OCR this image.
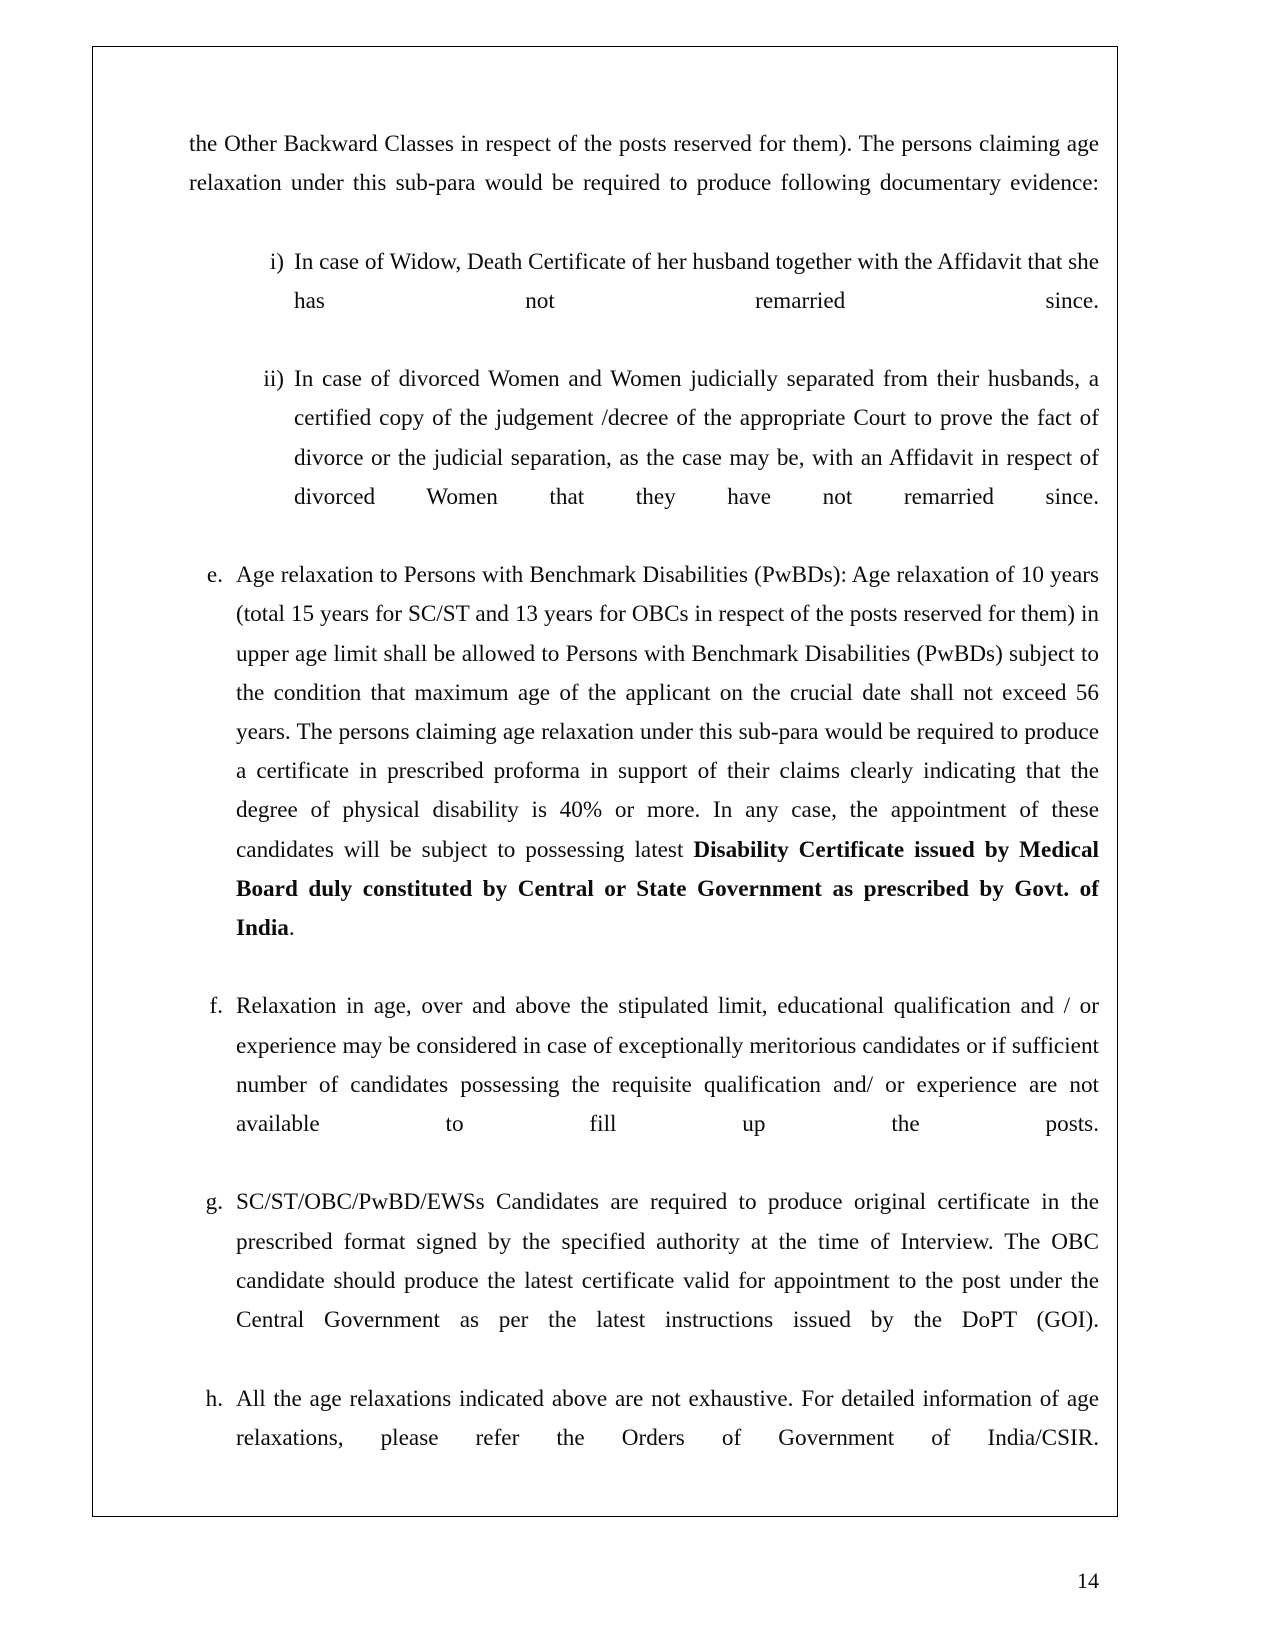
the Other Backward Classes in respect of the posts reserved for them). The persons claiming age relaxation under this sub-para would be required to produce following documentary evidence:

i) In case of Widow, Death Certificate of her husband together with the Affidavit that she has not remarried since.
ii) In case of divorced Women and Women judicially separated from their husbands, a certified copy of the judgement /decree of the appropriate Court to prove the fact of divorce or the judicial separation, as the case may be, with an Affidavit in respect of divorced Women that they have not remarried since.
e. Age relaxation to Persons with Benchmark Disabilities (PwBDs): Age relaxation of 10 years (total 15 years for SC/ST and 13 years for OBCs in respect of the posts reserved for them) in upper age limit shall be allowed to Persons with Benchmark Disabilities (PwBDs) subject to the condition that maximum age of the applicant on the crucial date shall not exceed 56 years. The persons claiming age relaxation under this sub-para would be required to produce a certificate in prescribed proforma in support of their claims clearly indicating that the degree of physical disability is 40% or more. In any case, the appointment of these candidates will be subject to possessing latest Disability Certificate issued by Medical Board duly constituted by Central or State Government as prescribed by Govt. of India.
f. Relaxation in age, over and above the stipulated limit, educational qualification and / or experience may be considered in case of exceptionally meritorious candidates or if sufficient number of candidates possessing the requisite qualification and/ or experience are not available to fill up the posts.
g. SC/ST/OBC/PwBD/EWSs Candidates are required to produce original certificate in the prescribed format signed by the specified authority at the time of Interview. The OBC candidate should produce the latest certificate valid for appointment to the post under the Central Government as per the latest instructions issued by the DoPT (GOI).
h. All the age relaxations indicated above are not exhaustive. For detailed information of age relaxations, please refer the Orders of Government of India/CSIR.
14
